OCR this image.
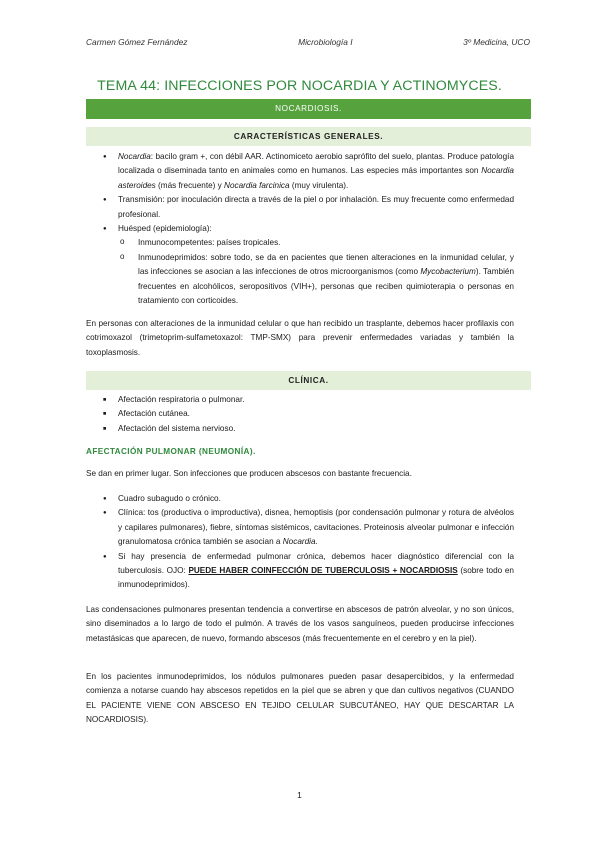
Carmen Gómez Fernández	Microbiología I	3º Medicina, UCO
TEMA 44: INFECCIONES POR NOCARDIA Y ACTINOMYCES.
NOCARDIOSIS.
CARACTERÍSTICAS GENERALES.
● Nocardia: bacilo gram +, con débil AAR. Actinomiceto aerobio saprófito del suelo, plantas. Produce patología localizada o diseminada tanto en animales como en humanos. Las especies más importantes son Nocardia asteroides (más frecuente) y Nocardia farcinica (muy virulenta).
● Transmisión: por inoculación directa a través de la piel o por inhalación. Es muy frecuente como enfermedad profesional.
● Huésped (epidemiología):
o Inmunocompetentes: países tropicales.
o Inmunodeprimidos: sobre todo, se da en pacientes que tienen alteraciones en la inmunidad celular, y las infecciones se asocian a las infecciones de otros microorganismos (como Mycobacterium). También frecuentes en alcohólicos, seropositivos (VIH+), personas que reciben quimioterapia o personas en tratamiento con corticoides.
En personas con alteraciones de la inmunidad celular o que han recibido un trasplante, debemos hacer profilaxis con cotrimoxazol (trimetoprim-sulfametoxazol: TMP-SMX) para prevenir enfermedades variadas y también la toxoplasmosis.
CLÍNICA.
■ Afectación respiratoria o pulmonar.
■ Afectación cutánea.
■ Afectación del sistema nervioso.
AFECTACIÓN PULMONAR (NEUMONÍA).
Se dan en primer lugar. Son infecciones que producen abscesos con bastante frecuencia.
● Cuadro subagudo o crónico.
● Clínica: tos (productiva o improductiva), disnea, hemoptisis (por condensación pulmonar y rotura de alvéolos y capilares pulmonares), fiebre, síntomas sistémicos, cavitaciones. Proteinosis alveolar pulmonar e infección granulomatosa crónica también se asocian a Nocardia.
● Si hay presencia de enfermedad pulmonar crónica, debemos hacer diagnóstico diferencial con la tuberculosis. OJO: PUEDE HABER COINFECCIÓN DE TUBERCULOSIS + NOCARDIOSIS (sobre todo en inmunodeprimidos).
Las condensaciones pulmonares presentan tendencia a convertirse en abscesos de patrón alveolar, y no son únicos, sino diseminados a lo largo de todo el pulmón. A través de los vasos sanguíneos, pueden producirse infecciones metastásicas que aparecen, de nuevo, formando abscesos (más frecuentemente en el cerebro y en la piel).
En los pacientes inmunodeprimidos, los nódulos pulmonares pueden pasar desapercibidos, y la enfermedad comienza a notarse cuando hay abscesos repetidos en la piel que se abren y que dan cultivos negativos (CUANDO EL PACIENTE VIENE CON ABSCESO EN TEJIDO CELULAR SUBCUTÁNEO, HAY QUE DESCARTAR LA NOCARDIOSIS).
1
